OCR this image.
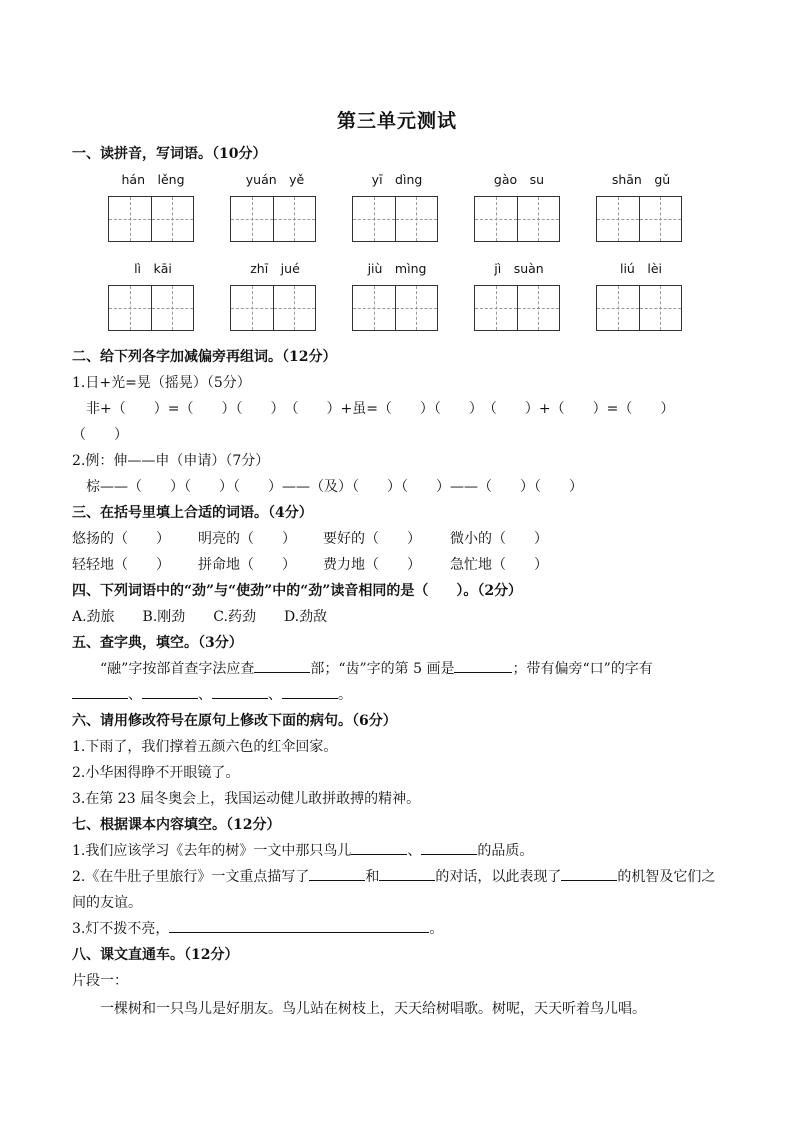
第三单元测试
一、读拼音，写词语。（10分）
hán　lěng	yuán　yě	yī　dìng	gào　su	shān　gǔ
lì　kāi	zhī　jué	jiù　mìng	jì　suàn	liú　lèi
二、给下列各字加减偏旁再组词。（12分）
1.日+光=晃（摇晃）（5分）
非+（　　）=（　　）（　　）　（　　）+虽=（　　）（　　）　（　　）+（　　）=（　　）
（　　）
2.例：伸——申（申请）（7分）
棕——（　　）（　　）（　　）——（及）（　　）（　　）——（　　）（　　）
三、在括号里填上合适的词语。（4分）
悠扬的（　　） 明亮的（　　） 要好的（　　） 微小的（　　）
轻轻地（　　） 拼命地（　　） 费力地（　　） 急忙地（　　）
四、下列词语中的“劲”与“使劲”中的“劲”读音相同的是（　　）。（2分）
A.劲旅　　B.刚劲　　C.药劲　　D.劲敌
五、查字典，填空。（3分）
“融”字按部首查字法应查	部；“齿”字的第 5 画是	；带有偏旁“口”的字有
、	、	、	。
六、请用修改符号在原句上修改下面的病句。（6分）
1.下雨了，我们撑着五颜六色的红伞回家。
2.小华困得睁不开眼镜了。
3.在第 23 届冬奥会上，我国运动健儿敢拼敢搏的精神。
七、根据课本内容填空。（12分）
1.我们应该学习《去年的树》一文中那只鸟儿	、	的品质。
2.《在牛肚子里旅行》一文重点描写了	和	的对话，以此表现了	的机智及它们之
间的友谊。
3.灯不拨不亮，	。
八、课文直通车。（12分）
片段一：
一棵树和一只鸟儿是好朋友。鸟儿站在树枝上，天天给树唱歌。树呢，天天听着鸟儿唱。
